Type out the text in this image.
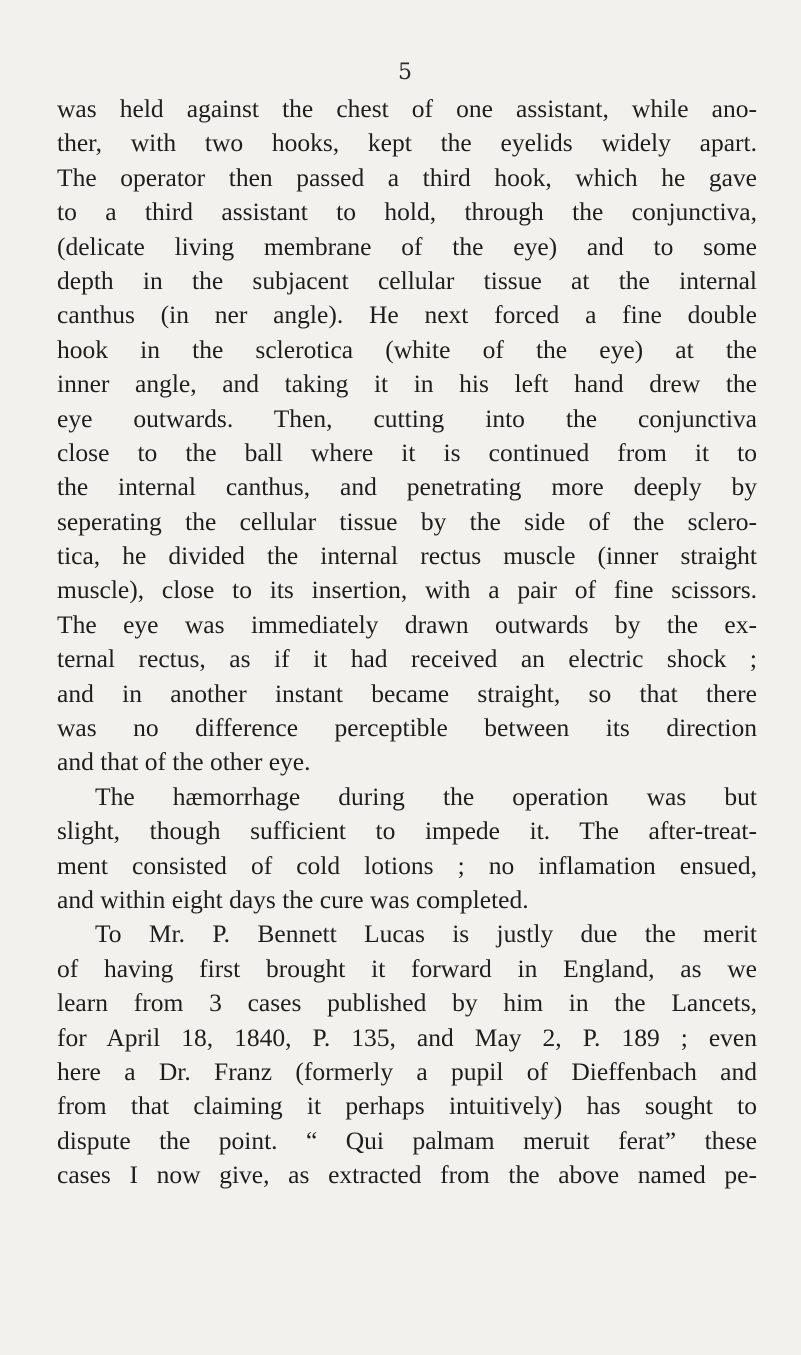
5
was held against the chest of one assistant, while ano-
ther, with two hooks, kept the eyelids widely apart.
The operator then passed a third hook, which he gave
to a third assistant to hold, through the conjunctiva,
(delicate living membrane of the eye) and to some
depth in the subjacent cellular tissue at the internal
canthus (in ner angle). He next forced a fine double
hook in the sclerotica (white of the eye) at the
inner angle, and taking it in his left hand drew the
eye outwards. Then, cutting into the conjunctiva
close to the ball where it is continued from it to
the internal canthus, and penetrating more deeply by
seperating the cellular tissue by the side of the sclero-
tica, he divided the internal rectus muscle (inner straight
muscle), close to its insertion, with a pair of fine scissors.
The eye was immediately drawn outwards by the ex-
ternal rectus, as if it had received an electric shock ;
and in another instant became straight, so that there
was no difference perceptible between its direction
and that of the other eye.
The hæmorrhage during the operation was but
slight, though sufficient to impede it. The after-treat-
ment consisted of cold lotions ; no inflamation ensued,
and within eight days the cure was completed.
To Mr. P. Bennett Lucas is justly due the merit
of having first brought it forward in England, as we
learn from 3 cases published by him in the Lancets,
for April 18, 1840, P. 135, and May 2, P. 189 ; even
here a Dr. Franz (formerly a pupil of Dieffenbach and
from that claiming it perhaps intuitively) has sought to
dispute the point. “ Qui palmam meruit ferat” these
cases I now give, as extracted from the above named pe-
